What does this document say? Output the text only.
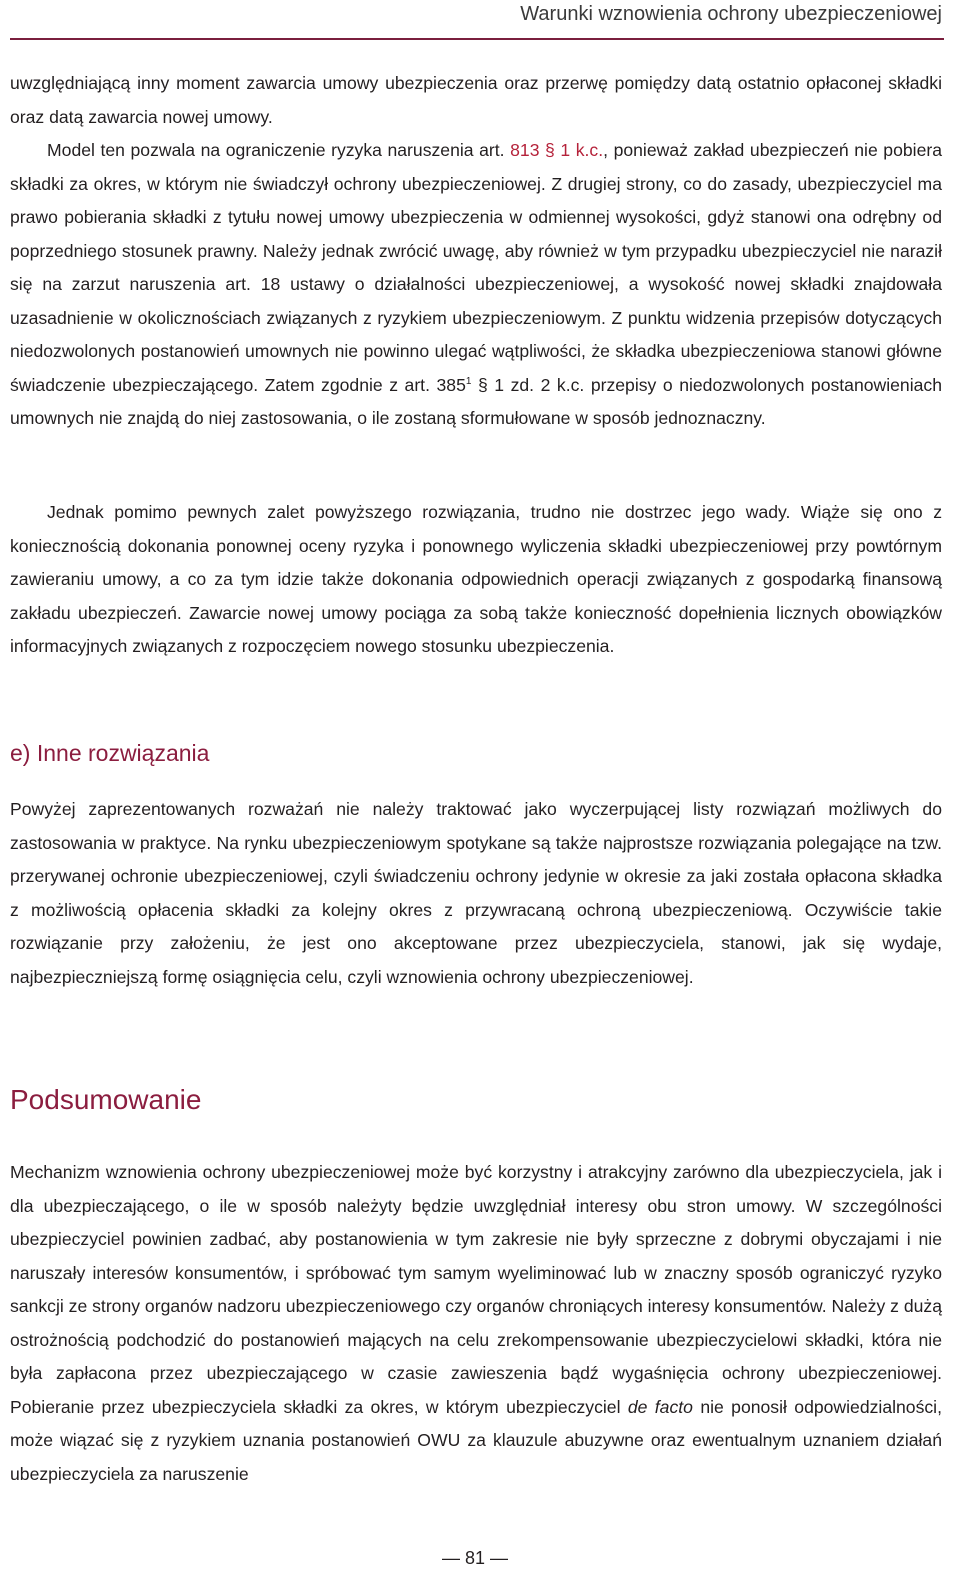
Warunki wznowienia ochrony ubezpieczeniowej

uwzględniającą inny moment zawarcia umowy ubezpieczenia oraz przerwę pomiędzy datą ostatnio opłaconej składki oraz datą zawarcia nowej umowy.

Model ten pozwala na ograniczenie ryzyka naruszenia art. 813 § 1 k.c., ponieważ zakład ubezpieczeń nie pobiera składki za okres, w którym nie świadczył ochrony ubezpieczeniowej. Z drugiej strony, co do zasady, ubezpieczyciel ma prawo pobierania składki z tytułu nowej umowy ubezpieczenia w odmiennej wysokości, gdyż stanowi ona odrębny od poprzedniego stosunek prawny. Należy jednak zwrócić uwagę, aby również w tym przypadku ubezpieczyciel nie naraził się na zarzut naruszenia art. 18 ustawy o działalności ubezpieczeniowej, a wysokość nowej składki znajdowała uzasadnienie w okolicznościach związanych z ryzykiem ubezpieczeniowym. Z punktu widzenia przepisów dotyczących niedozwolonych postanowień umownych nie powinno ulegać wątpliwości, że składka ubezpieczeniowa stanowi główne świadczenie ubezpieczającego. Zatem zgodnie z art. $385^1$ § 1 zd. 2 k.c. przepisy o niedozwolonych postanowieniach umownych nie znajdą do niej zastosowania, o ile zostaną sformułowane w sposób jednoznaczny.

Jednak pomimo pewnych zalet powyższego rozwiązania, trudno nie dostrzec jego wady. Wiąże się ono z koniecznością dokonania ponownej oceny ryzyka i ponownego wyliczenia składki ubezpieczeniowej przy powtórnym zawieraniu umowy, a co za tym idzie także dokonania odpowiednich operacji związanych z gospodarką finansową zakładu ubezpieczeń. Zawarcie nowej umowy pociąga za sobą także konieczność dopełnienia licznych obowiązków informacyjnych związanych z rozpoczęciem nowego stosunku ubezpieczenia.

e) Inne rozwiązania

Powyżej zaprezentowanych rozważań nie należy traktować jako wyczerpującej listy rozwiązań możliwych do zastosowania w praktyce. Na rynku ubezpieczeniowym spotykane są także najprostsze rozwiązania polegające na tzw. przerywanej ochronie ubezpieczeniowej, czyli świadczeniu ochrony jedynie w okresie za jaki została opłacona składka z możliwością opłacenia składki za kolejny okres z przywracaną ochroną ubezpieczeniową. Oczywiście takie rozwiązanie przy założeniu, że jest ono akceptowane przez ubezpieczyciela, stanowi, jak się wydaje, najbezpieczniejszą formę osiągnięcia celu, czyli wznowienia ochrony ubezpieczeniowej.

Podsumowanie

Mechanizm wznowienia ochrony ubezpieczeniowej może być korzystny i atrakcyjny zarówno dla ubezpieczyciela, jak i dla ubezpieczającego, o ile w sposób należyty będzie uwzględniał interesy obu stron umowy. W szczególności ubezpieczyciel powinien zadbać, aby postanowienia w tym zakresie nie były sprzeczne z dobrymi obyczajami i nie naruszały interesów konsumentów, i spróbować tym samym wyeliminować lub w znaczny sposób ograniczyć ryzyko sankcji ze strony organów nadzoru ubezpieczeniowego czy organów chroniących interesy konsumentów. Należy z dużą ostrożnością podchodzić do postanowień mających na celu zrekompensowanie ubezpieczycielowi składki, która nie była zapłacona przez ubezpieczającego w czasie zawieszenia bądź wygaśnięcia ochrony ubezpieczeniowej. Pobieranie przez ubezpieczyciela składki za okres, w którym ubezpieczyciel de facto nie ponosił odpowiedzialności, może wiązać się z ryzykiem uznania postanowień OWU za klauzule abuzywne oraz ewentualnym uznaniem działań ubezpieczyciela za naruszenie

— 81 —
